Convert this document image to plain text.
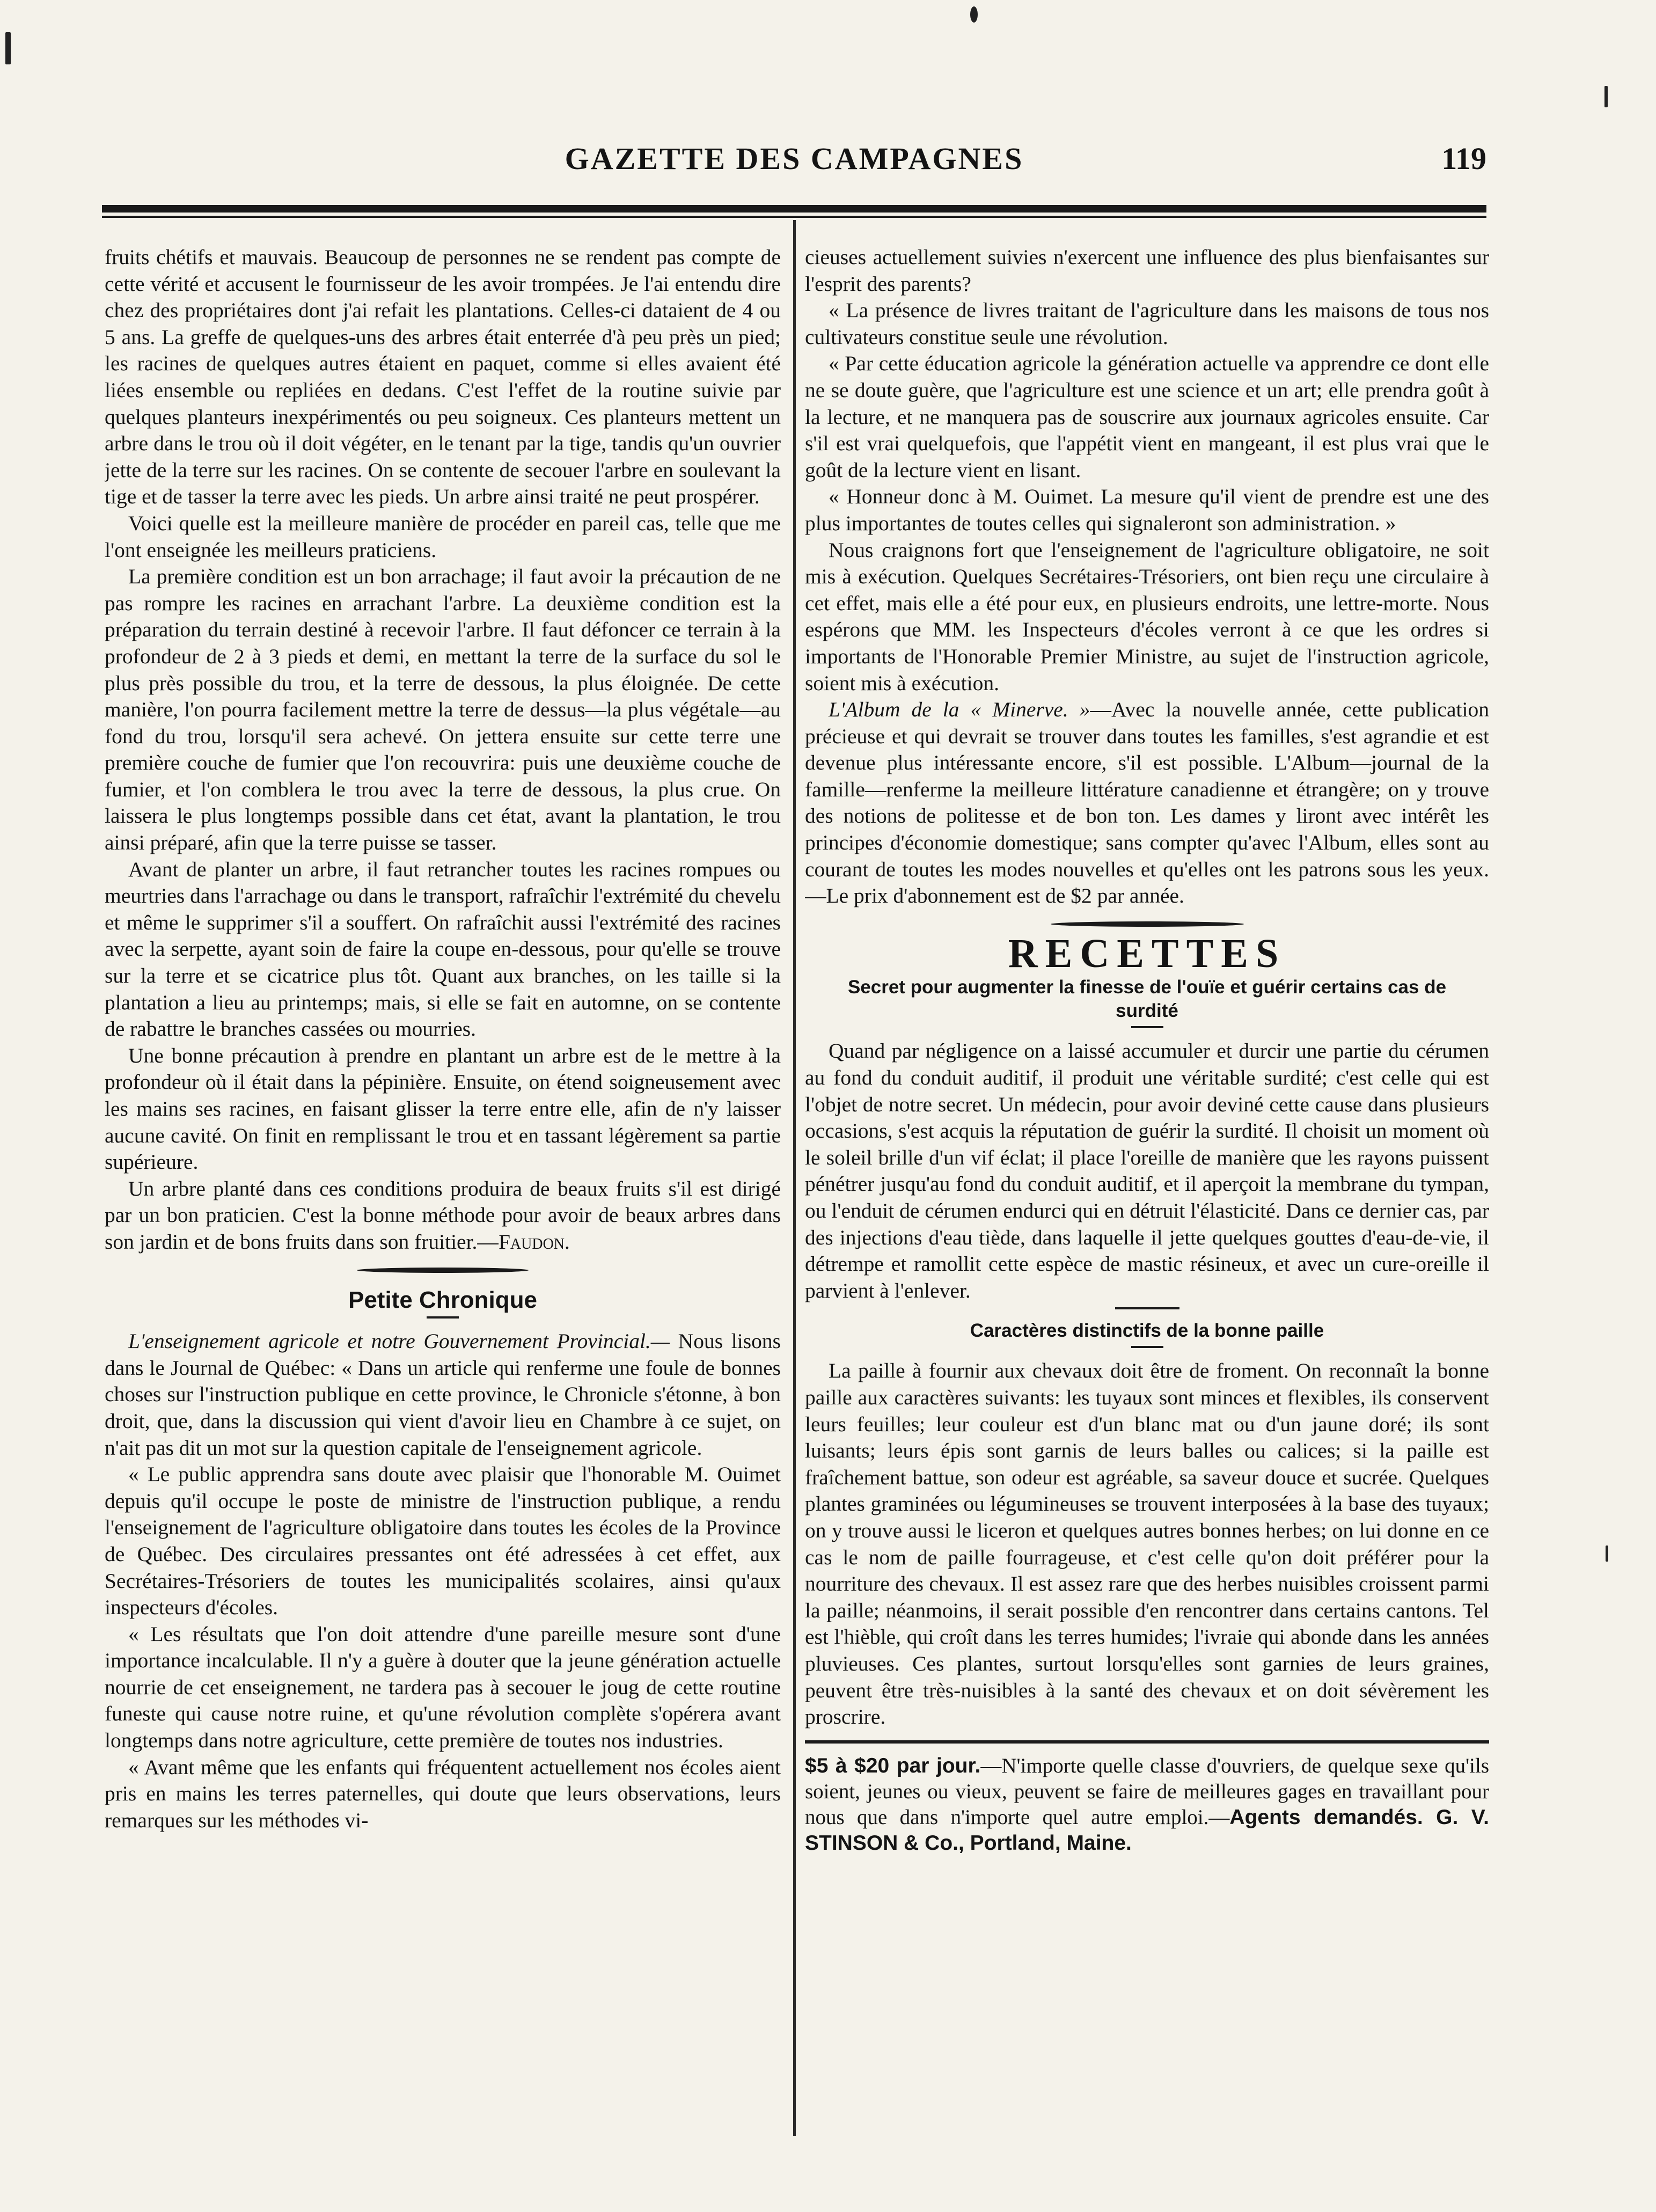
GAZETTE DES CAMPAGNES	119

fruits chétifs et mauvais. Beaucoup de personnes ne se rendent pas compte de cette vérité et accusent le fournisseur de les avoir trompées. Je l'ai entendu dire chez des propriétaires dont j'ai refait les plantations. Celles-ci dataient de 4 ou 5 ans. La greffe de quelques-uns des arbres était enterrée d'à peu près un pied; les racines de quelques autres étaient en paquet, comme si elles avaient été liées ensemble ou repliées en dedans. C'est l'effet de la routine suivie par quelques planteurs inexpérimentés ou peu soigneux. Ces planteurs mettent un arbre dans le trou où il doit végéter, en le tenant par la tige, tandis qu'un ouvrier jette de la terre sur les racines. On se contente de secouer l'arbre en soulevant la tige et de tasser la terre avec les pieds. Un arbre ainsi traité ne peut prospérer.

Voici quelle est la meilleure manière de procéder en pareil cas, telle que me l'ont enseignée les meilleurs praticiens.

La première condition est un bon arrachage; il faut avoir la précaution de ne pas rompre les racines en arrachant l'arbre. La deuxième condition est la préparation du terrain destiné à recevoir l'arbre. Il faut défoncer ce terrain à la profondeur de 2 à 3 pieds et demi, en mettant la terre de la surface du sol le plus près possible du trou, et la terre de dessous, la plus éloignée. De cette manière, l'on pourra facilement mettre la terre de dessus—la plus végétale—au fond du trou, lorsqu'il sera achevé. On jettera ensuite sur cette terre une première couche de fumier que l'on recouvrira: puis une deuxième couche de fumier, et l'on comblera le trou avec la terre de dessous, la plus crue. On laissera le plus longtemps possible dans cet état, avant la plantation, le trou ainsi préparé, afin que la terre puisse se tasser.

Avant de planter un arbre, il faut retrancher toutes les racines rompues ou meurtries dans l'arrachage ou dans le transport, rafraîchir l'extrémité du chevelu et même le supprimer s'il a souffert. On rafraîchit aussi l'extrémité des racines avec la serpette, ayant soin de faire la coupe en-dessous, pour qu'elle se trouve sur la terre et se cicatrice plus tôt. Quant aux branches, on les taille si la plantation a lieu au printemps; mais, si elle se fait en automne, on se contente de rabattre le branches cassées ou mourries.

Une bonne précaution à prendre en plantant un arbre est de le mettre à la profondeur où il était dans la pépinière. Ensuite, on étend soigneusement avec les mains ses racines, en faisant glisser la terre entre elle, afin de n'y laisser aucune cavité. On finit en remplissant le trou et en tassant légèrement sa partie supérieure.

Un arbre planté dans ces conditions produira de beaux fruits s'il est dirigé par un bon praticien. C'est la bonne méthode pour avoir de beaux arbres dans son jardin et de bons fruits dans son fruitier.—Faudon.

Petite Chronique

L'enseignement agricole et notre Gouvernement Provincial.— Nous lisons dans le Journal de Québec: « Dans un article qui renferme une foule de bonnes choses sur l'instruction publique en cette province, le Chronicle s'étonne, à bon droit, que, dans la discussion qui vient d'avoir lieu en Chambre à ce sujet, on n'ait pas dit un mot sur la question capitale de l'enseignement agricole.

« Le public apprendra sans doute avec plaisir que l'honorable M. Ouimet depuis qu'il occupe le poste de ministre de l'instruction publique, a rendu l'enseignement de l'agriculture obligatoire dans toutes les écoles de la Province de Québec. Des circulaires pressantes ont été adressées à cet effet, aux Secrétaires-Trésoriers de toutes les municipalités scolaires, ainsi qu'aux inspecteurs d'écoles.

« Les résultats que l'on doit attendre d'une pareille mesure sont d'une importance incalculable. Il n'y a guère à douter que la jeune génération actuelle nourrie de cet enseignement, ne tardera pas à secouer le joug de cette routine funeste qui cause notre ruine, et qu'une révolution complète s'opérera avant longtemps dans notre agriculture, cette première de toutes nos industries.

« Avant même que les enfants qui fréquentent actuellement nos écoles aient pris en mains les terres paternelles, qui doute que leurs observations, leurs remarques sur les méthodes vi-

cieuses actuellement suivies n'exercent une influence des plus bienfaisantes sur l'esprit des parents?

« La présence de livres traitant de l'agriculture dans les maisons de tous nos cultivateurs constitue seule une révolution.

« Par cette éducation agricole la génération actuelle va apprendre ce dont elle ne se doute guère, que l'agriculture est une science et un art; elle prendra goût à la lecture, et ne manquera pas de souscrire aux journaux agricoles ensuite. Car s'il est vrai quelquefois, que l'appétit vient en mangeant, il est plus vrai que le goût de la lecture vient en lisant.

« Honneur donc à M. Ouimet. La mesure qu'il vient de prendre est une des plus importantes de toutes celles qui signaleront son administration. »

Nous craignons fort que l'enseignement de l'agriculture obligatoire, ne soit mis à exécution. Quelques Secrétaires-Trésoriers, ont bien reçu une circulaire à cet effet, mais elle a été pour eux, en plusieurs endroits, une lettre-morte. Nous espérons que MM. les Inspecteurs d'écoles verront à ce que les ordres si importants de l'Honorable Premier Ministre, au sujet de l'instruction agricole, soient mis à exécution.

L'Album de la « Minerve. »—Avec la nouvelle année, cette publication précieuse et qui devrait se trouver dans toutes les familles, s'est agrandie et est devenue plus intéressante encore, s'il est possible. L'Album—journal de la famille—renferme la meilleure littérature canadienne et étrangère; on y trouve des notions de politesse et de bon ton. Les dames y liront avec intérêt les principes d'économie domestique; sans compter qu'avec l'Album, elles sont au courant de toutes les modes nouvelles et qu'elles ont les patrons sous les yeux.—Le prix d'abonnement est de $2 par année.

RECETTES
Secret pour augmenter la finesse de l'ouïe et guérir certains cas de surdité

Quand par négligence on a laissé accumuler et durcir une partie du cérumen au fond du conduit auditif, il produit une véritable surdité; c'est celle qui est l'objet de notre secret. Un médecin, pour avoir deviné cette cause dans plusieurs occasions, s'est acquis la réputation de guérir la surdité. Il choisit un moment où le soleil brille d'un vif éclat; il place l'oreille de manière que les rayons puissent pénétrer jusqu'au fond du conduit auditif, et il aperçoit la membrane du tympan, ou l'enduit de cérumen endurci qui en détruit l'élasticité. Dans ce dernier cas, par des injections d'eau tiède, dans laquelle il jette quelques gouttes d'eau-de-vie, il détrempe et ramollit cette espèce de mastic résineux, et avec un cure-oreille il parvient à l'enlever.

Caractères distinctifs de la bonne paille

La paille à fournir aux chevaux doit être de froment. On reconnaît la bonne paille aux caractères suivants: les tuyaux sont minces et flexibles, ils conservent leurs feuilles; leur couleur est d'un blanc mat ou d'un jaune doré; ils sont luisants; leurs épis sont garnis de leurs balles ou calices; si la paille est fraîchement battue, son odeur est agréable, sa saveur douce et sucrée. Quelques plantes graminées ou légumineuses se trouvent interposées à la base des tuyaux; on y trouve aussi le liceron et quelques autres bonnes herbes; on lui donne en ce cas le nom de paille fourrageuse, et c'est celle qu'on doit préférer pour la nourriture des chevaux. Il est assez rare que des herbes nuisibles croissent parmi la paille; néanmoins, il serait possible d'en rencontrer dans certains cantons. Tel est l'hièble, qui croît dans les terres humides; l'ivraie qui abonde dans les années pluvieuses. Ces plantes, surtout lorsqu'elles sont garnies de leurs graines, peuvent être très-nuisibles à la santé des chevaux et on doit sévèrement les proscrire.

$5 à $20 par jour.—N'importe quelle classe d'ouvriers, de quelque sexe qu'ils soient, jeunes ou vieux, peuvent se faire de meilleures gages en travaillant pour nous que dans n'importe quel autre emploi.—Agents demandés. G. V. STINSON & Co., Portland, Maine.
